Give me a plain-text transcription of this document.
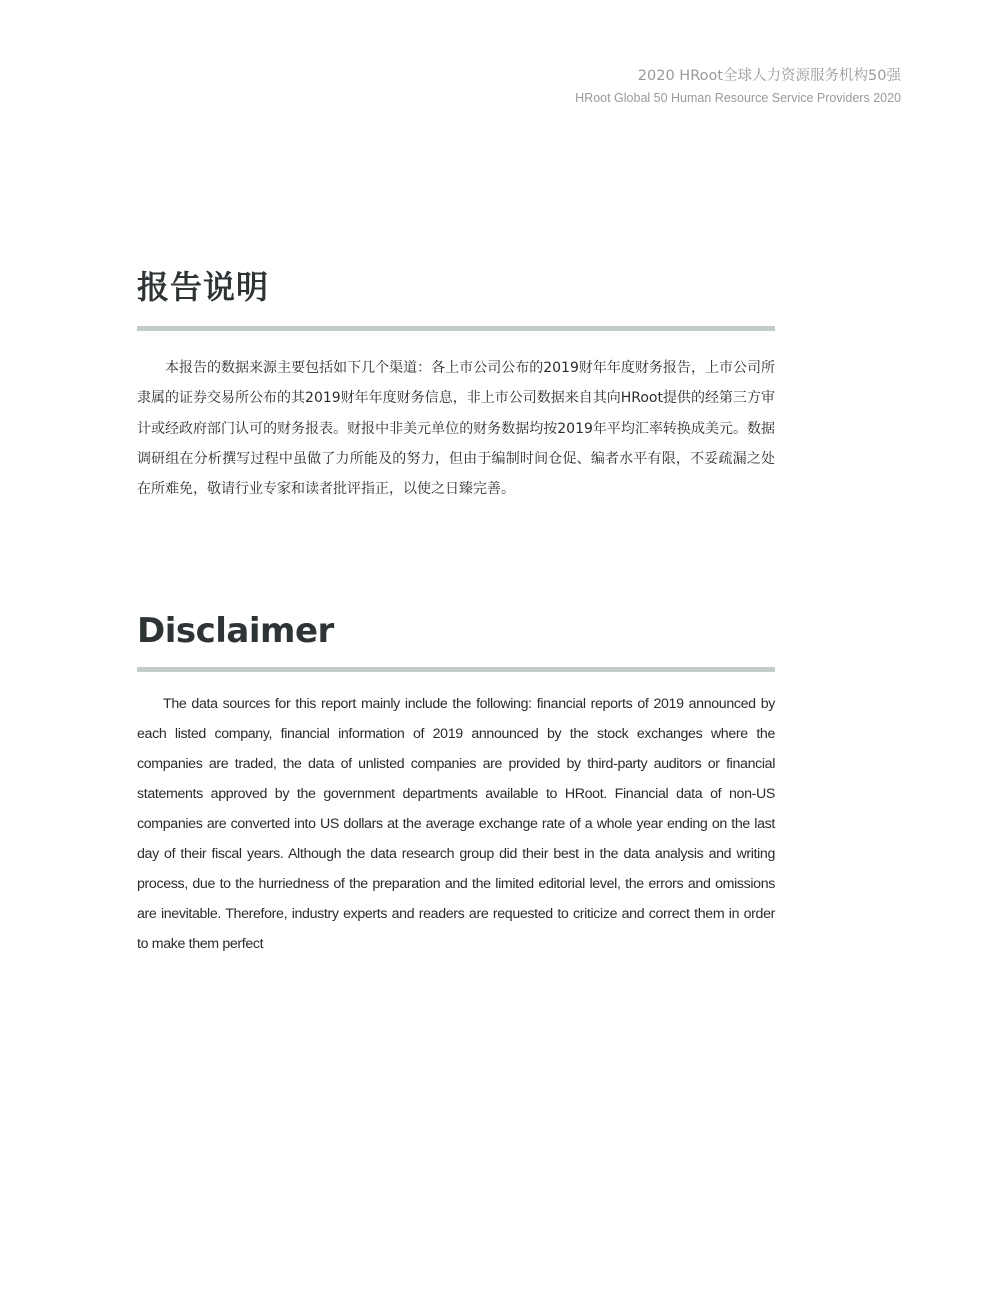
2020 HRoot全球人力资源服务机构50强
HRoot Global 50 Human Resource Service Providers 2020
报告说明

本报告的数据来源主要包括如下几个渠道：各上市公司公布的2019财年年度财务报告，上市公司所隶属的证券交易所公布的其2019财年年度财务信息，非上市公司数据来自其向HRoot提供的经第三方审计或经政府部门认可的财务报表。财报中非美元单位的财务数据均按2019年平均汇率转换成美元。数据调研组在分析撰写过程中虽做了力所能及的努力，但由于编制时间仓促、编者水平有限，不妥疏漏之处在所难免，敬请行业专家和读者批评指正，以使之日臻完善。

Disclaimer

The data sources for this report mainly include the following: financial reports of 2019 announced by each listed company, financial information of 2019 announced by the stock exchanges where the companies are traded, the data of unlisted companies are provided by third-party auditors or financial statements approved by the government departments available to HRoot. Financial data of non-US companies are converted into US dollars at the average exchange rate of a whole year ending on the last day of their fiscal years. Although the data research group did their best in the data analysis and writing process, due to the hurriedness of the preparation and the limited editorial level, the errors and omissions are inevitable. Therefore, industry experts and readers are requested to criticize and correct them in order to make them perfect
